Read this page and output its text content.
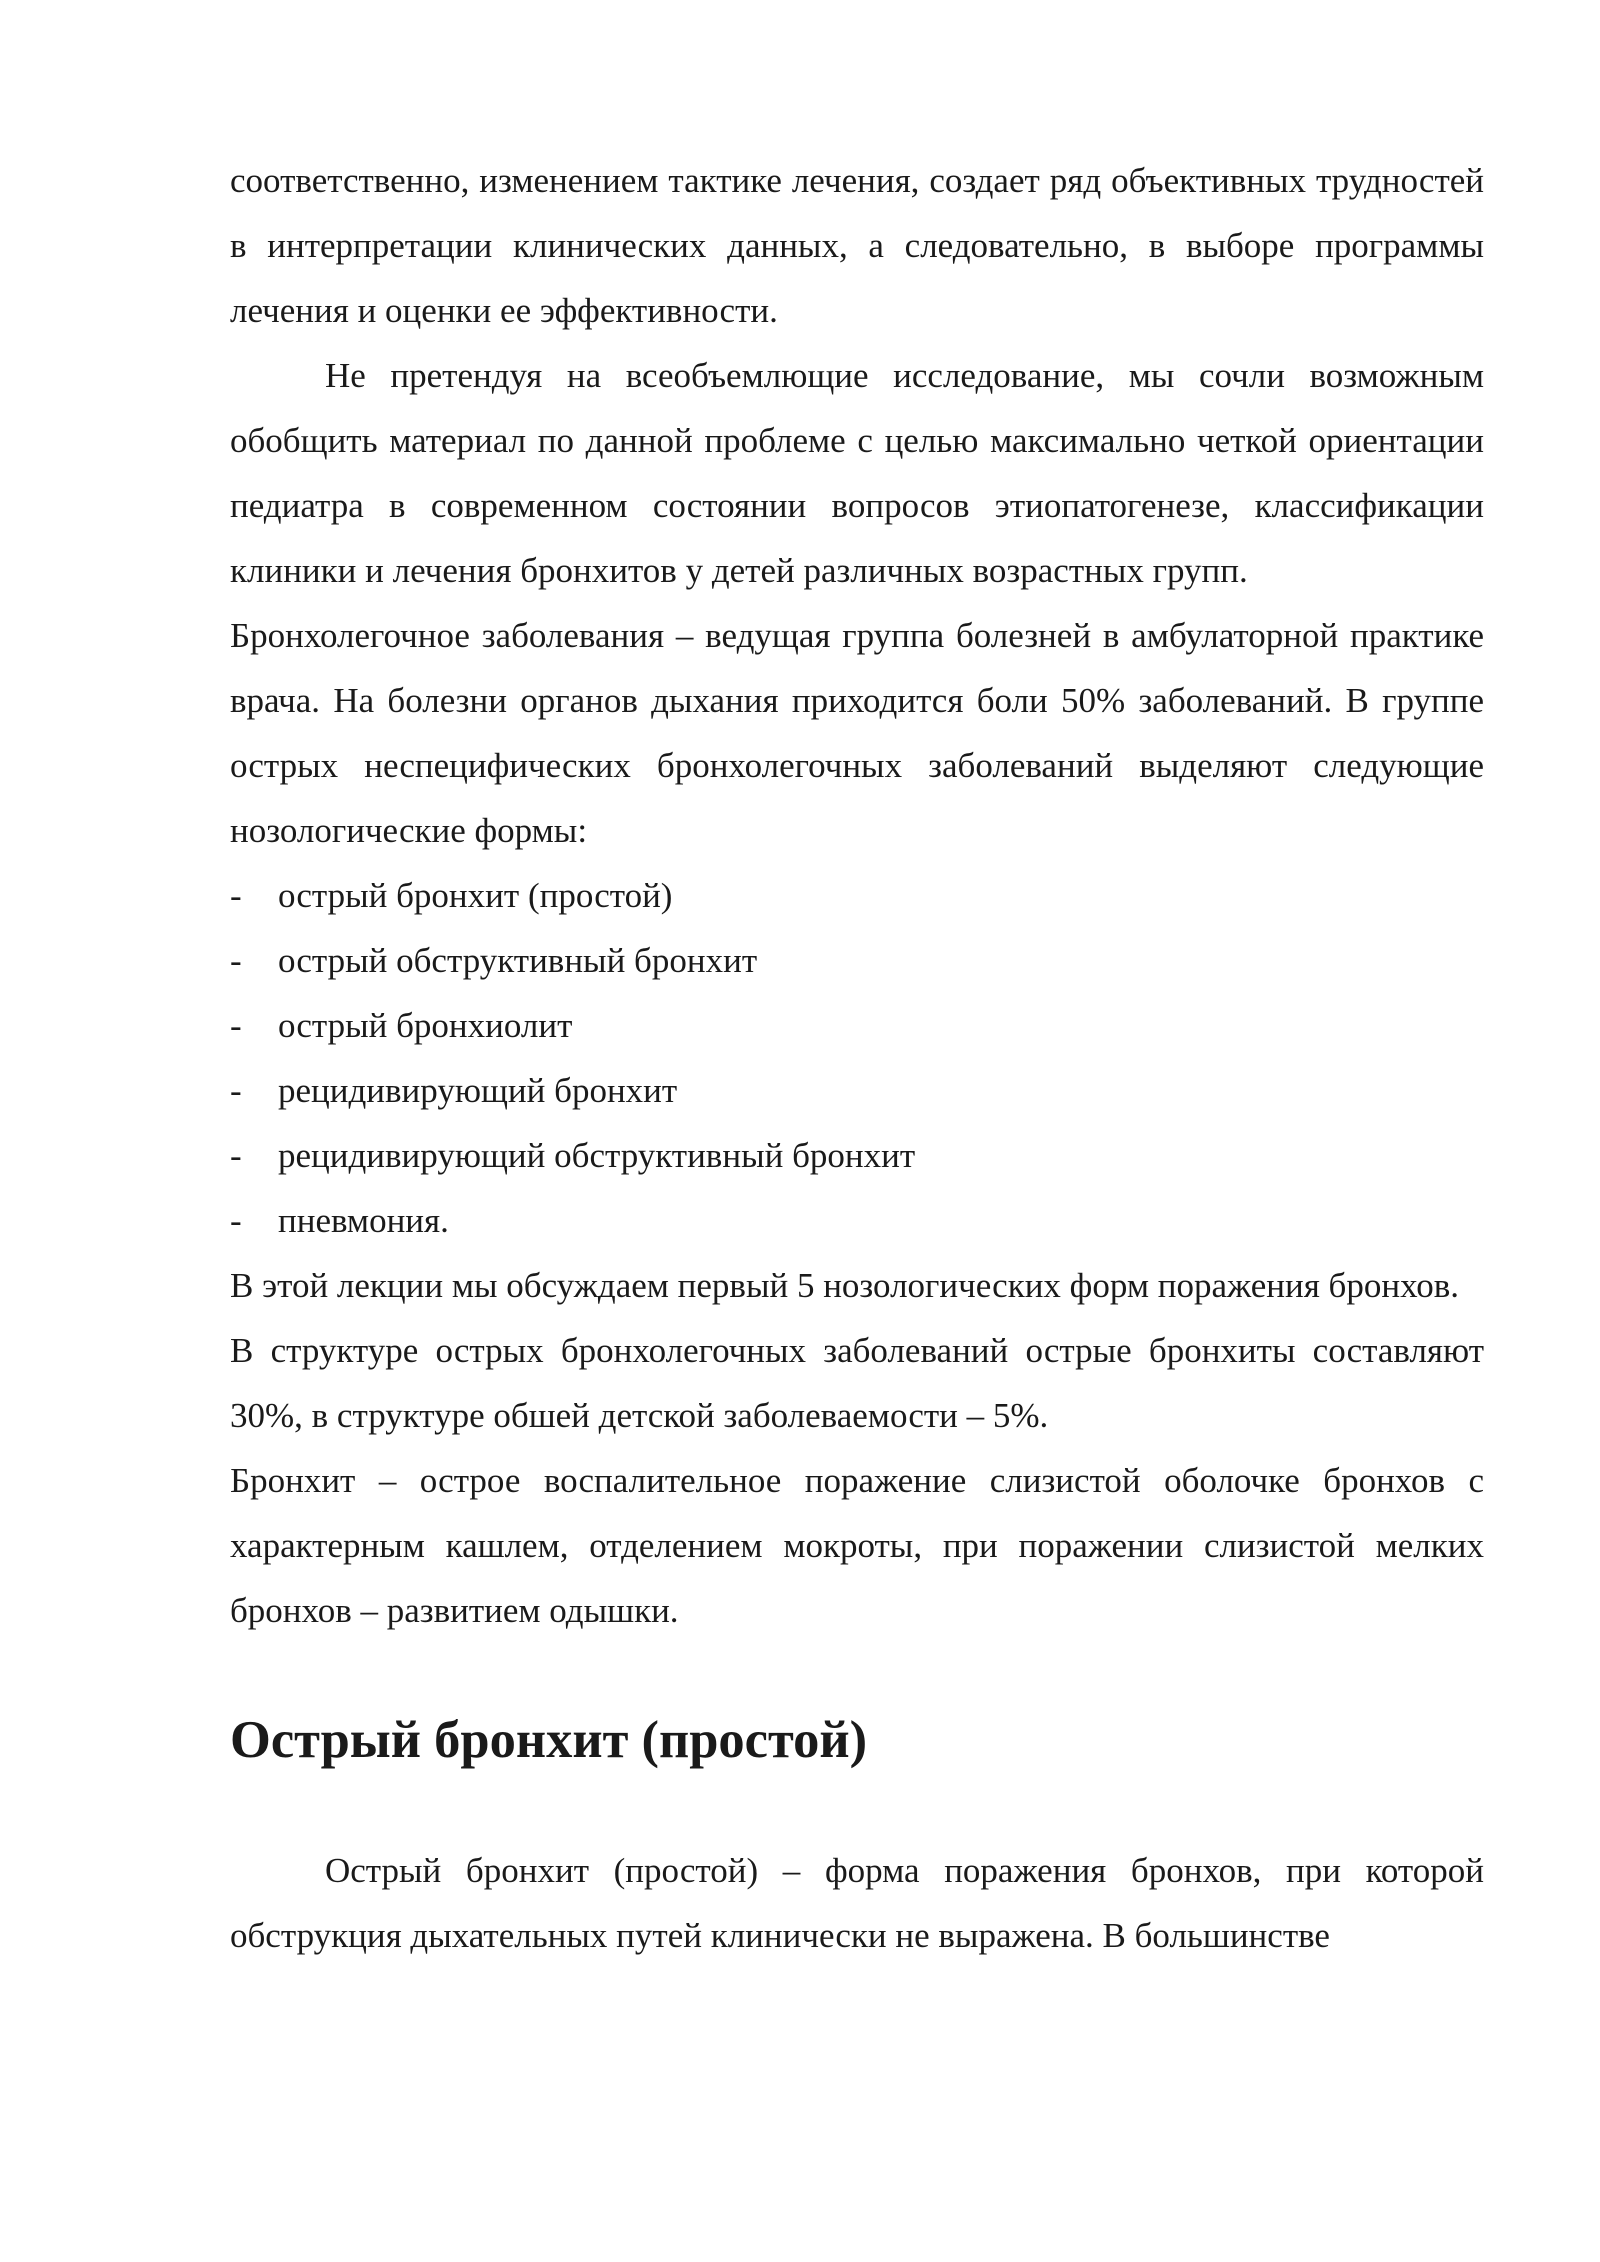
соответственно, изменением тактике лечения, создает ряд объективных трудностей в интерпретации клинических данных, а следовательно, в выборе программы лечения и оценки ее эффективности.

Не претендуя на всеобъемлющие исследование, мы сочли возможным обобщить материал по данной проблеме с целью максимально четкой ориентации педиатра в современном состоянии вопросов этиопатогенезе, классификации клиники и лечения бронхитов у детей различных возрастных групп.

Бронхолегочное заболевания – ведущая группа болезней в амбулаторной практике врача. На болезни органов дыхания приходится боли 50% заболеваний. В группе острых неспецифических бронхолегочных заболеваний выделяют следующие нозологические формы:

-	острый бронхит (простой)
-	острый обструктивный бронхит
-	острый бронхиолит
-	рецидивирующий бронхит
-	рецидивирующий обструктивный бронхит
-	пневмония.

В этой лекции мы обсуждаем первый 5 нозологических форм поражения бронхов.

В структуре острых бронхолегочных заболеваний острые бронхиты составляют 30%, в структуре обшей детской заболеваемости – 5%.

Бронхит – острое воспалительное поражение слизистой оболочке бронхов с характерным кашлем, отделением мокроты, при поражении слизистой мелких бронхов – развитием одышки.

Острый бронхит (простой)

Острый бронхит (простой) – форма поражения бронхов, при которой обструкция дыхательных путей клинически не выражена. В большинстве
